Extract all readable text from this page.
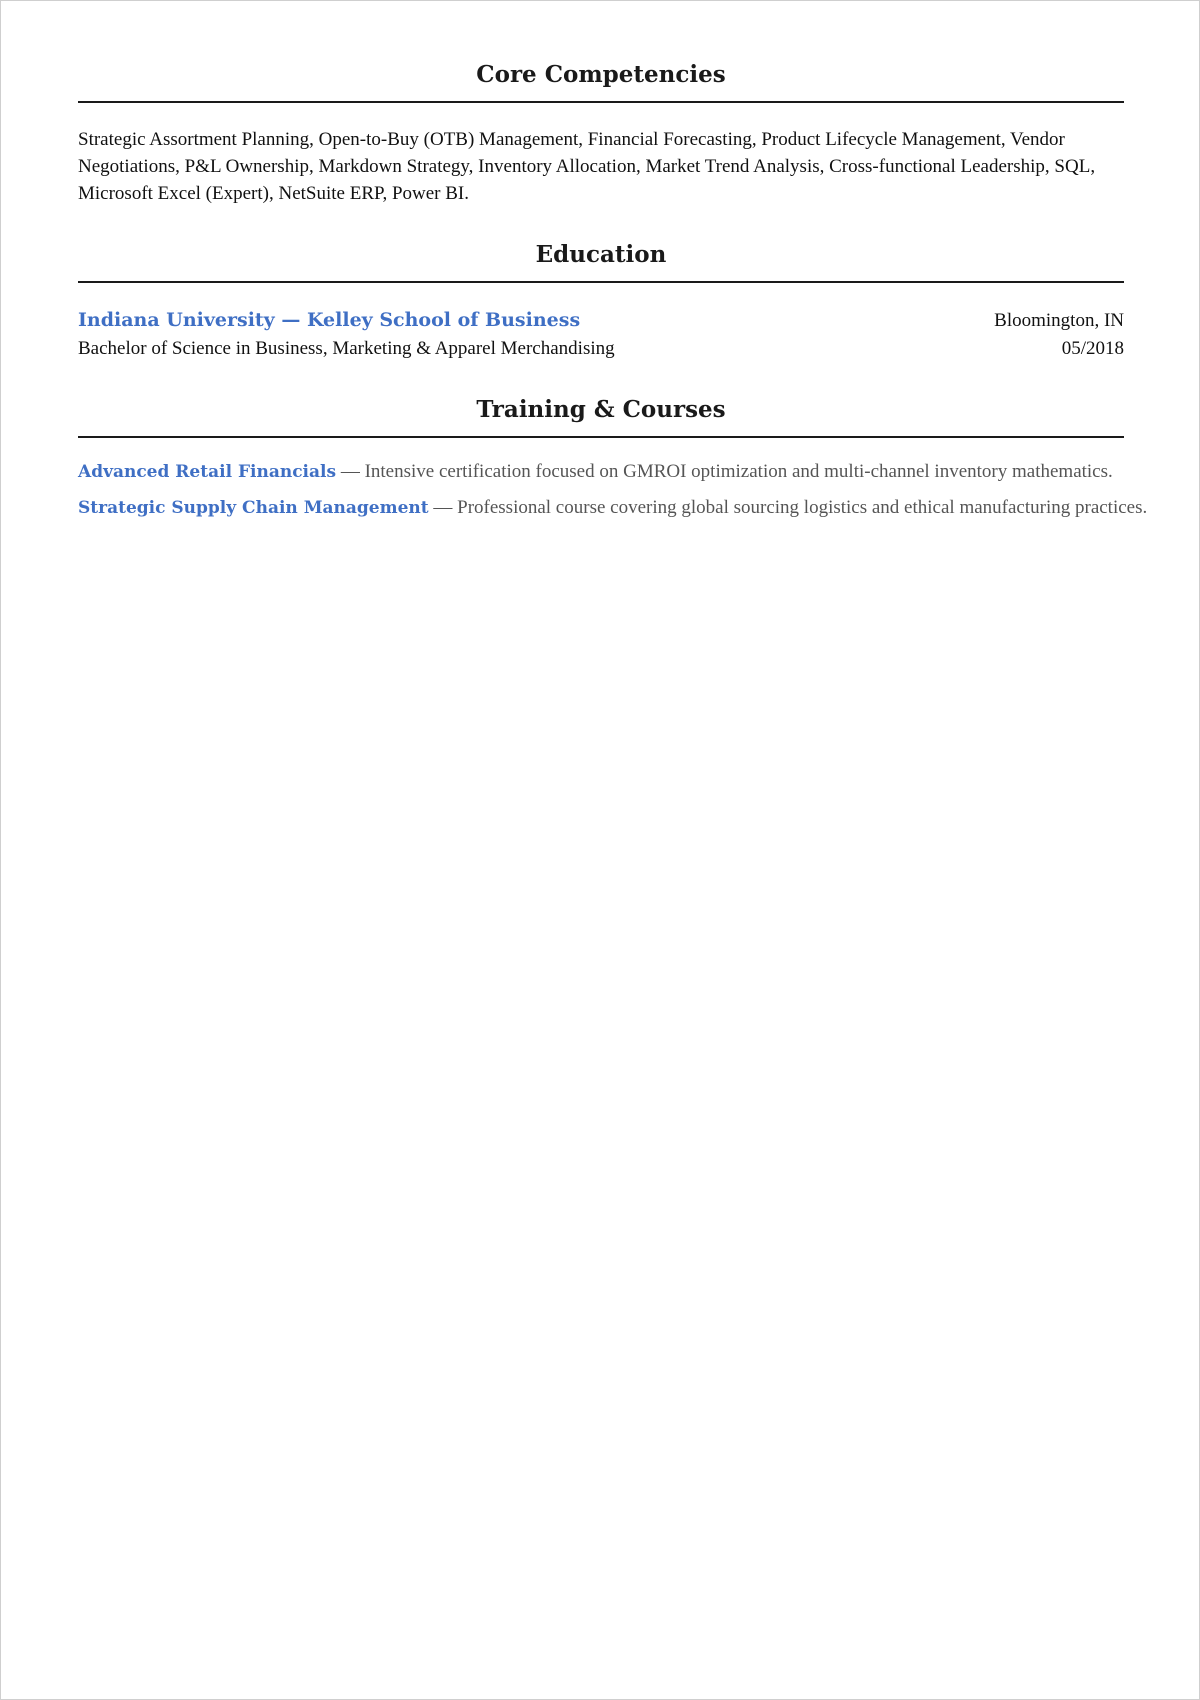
Core Competencies

Strategic Assortment Planning, Open-to-Buy (OTB) Management, Financial Forecasting, Product Lifecycle Management, Vendor Negotiations, P&L Ownership, Markdown Strategy, Inventory Allocation, Market Trend Analysis, Cross-functional Leadership, SQL, Microsoft Excel (Expert), NetSuite ERP, Power BI.

Education
Indiana University — Kelley School of Business	Bloomington, IN
Bachelor of Science in Business, Marketing & Apparel Merchandising	05/2018
Training & Courses

Advanced Retail Financials — Intensive certification focused on GMROI optimization and multi-channel inventory mathematics.

Strategic Supply Chain Management — Professional course covering global sourcing logistics and ethical manufacturing practices.
